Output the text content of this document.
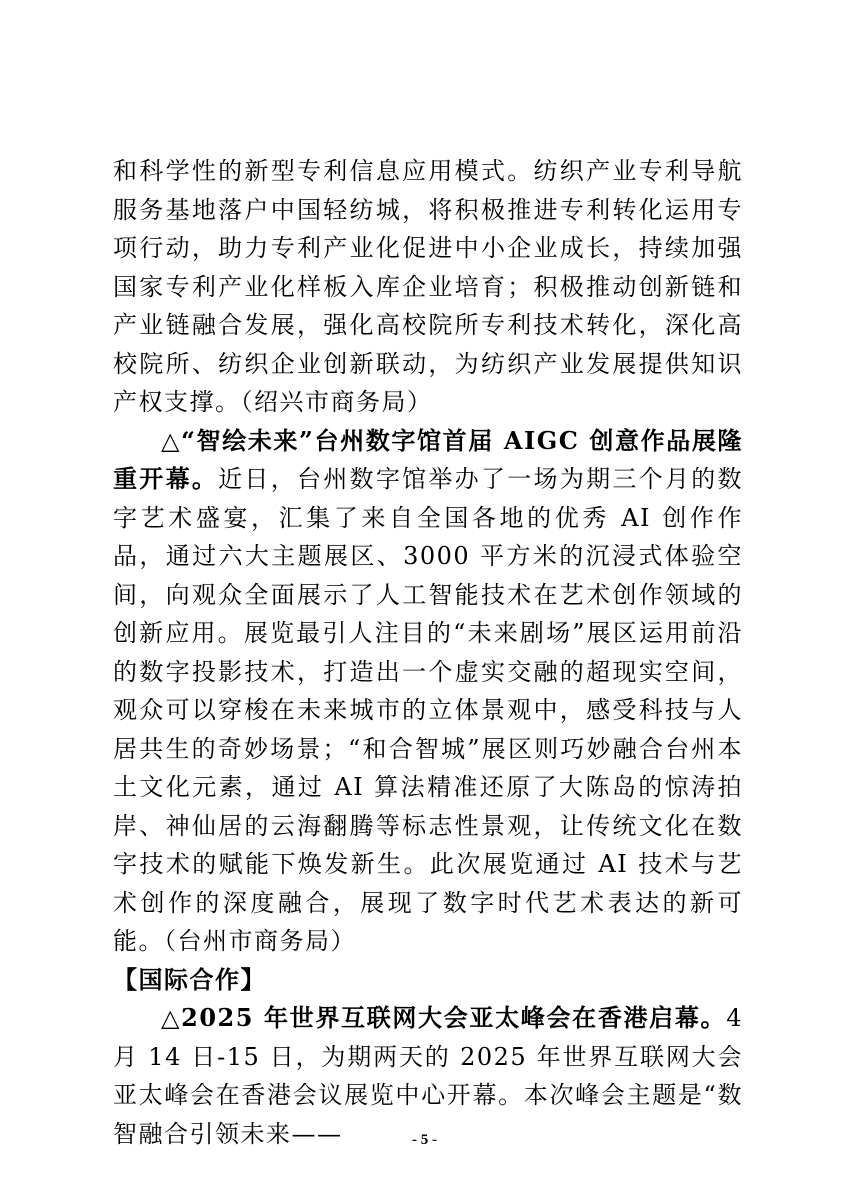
和科学性的新型专利信息应用模式。纺织产业专利导航服务基地落户中国轻纺城，将积极推进专利转化运用专项行动，助力专利产业化促进中小企业成长，持续加强国家专利产业化样板入库企业培育；积极推动创新链和产业链融合发展，强化高校院所专利技术转化，深化高校院所、纺织企业创新联动，为纺织产业发展提供知识产权支撑。（绍兴市商务局）

△“智绘未来”台州数字馆首届 AIGC 创意作品展隆重开幕。近日，台州数字馆举办了一场为期三个月的数字艺术盛宴，汇集了来自全国各地的优秀 AI 创作作品，通过六大主题展区、3000 平方米的沉浸式体验空间，向观众全面展示了人工智能技术在艺术创作领域的创新应用。展览最引人注目的“未来剧场”展区运用前沿的数字投影技术，打造出一个虚实交融的超现实空间，观众可以穿梭在未来城市的立体景观中，感受科技与人居共生的奇妙场景；“和合智城”展区则巧妙融合台州本土文化元素，通过 AI 算法精准还原了大陈岛的惊涛拍岸、神仙居的云海翻腾等标志性景观，让传统文化在数字技术的赋能下焕发新生。此次展览通过 AI 技术与艺术创作的深度融合，展现了数字时代艺术表达的新可能。（台州市商务局）

【国际合作】

△2025 年世界互联网大会亚太峰会在香港启幕。4 月 14 日-15 日，为期两天的 2025 年世界互联网大会亚太峰会在香港会议展览中心开幕。本次峰会主题是“数智融合引领未来——	- 5 -
